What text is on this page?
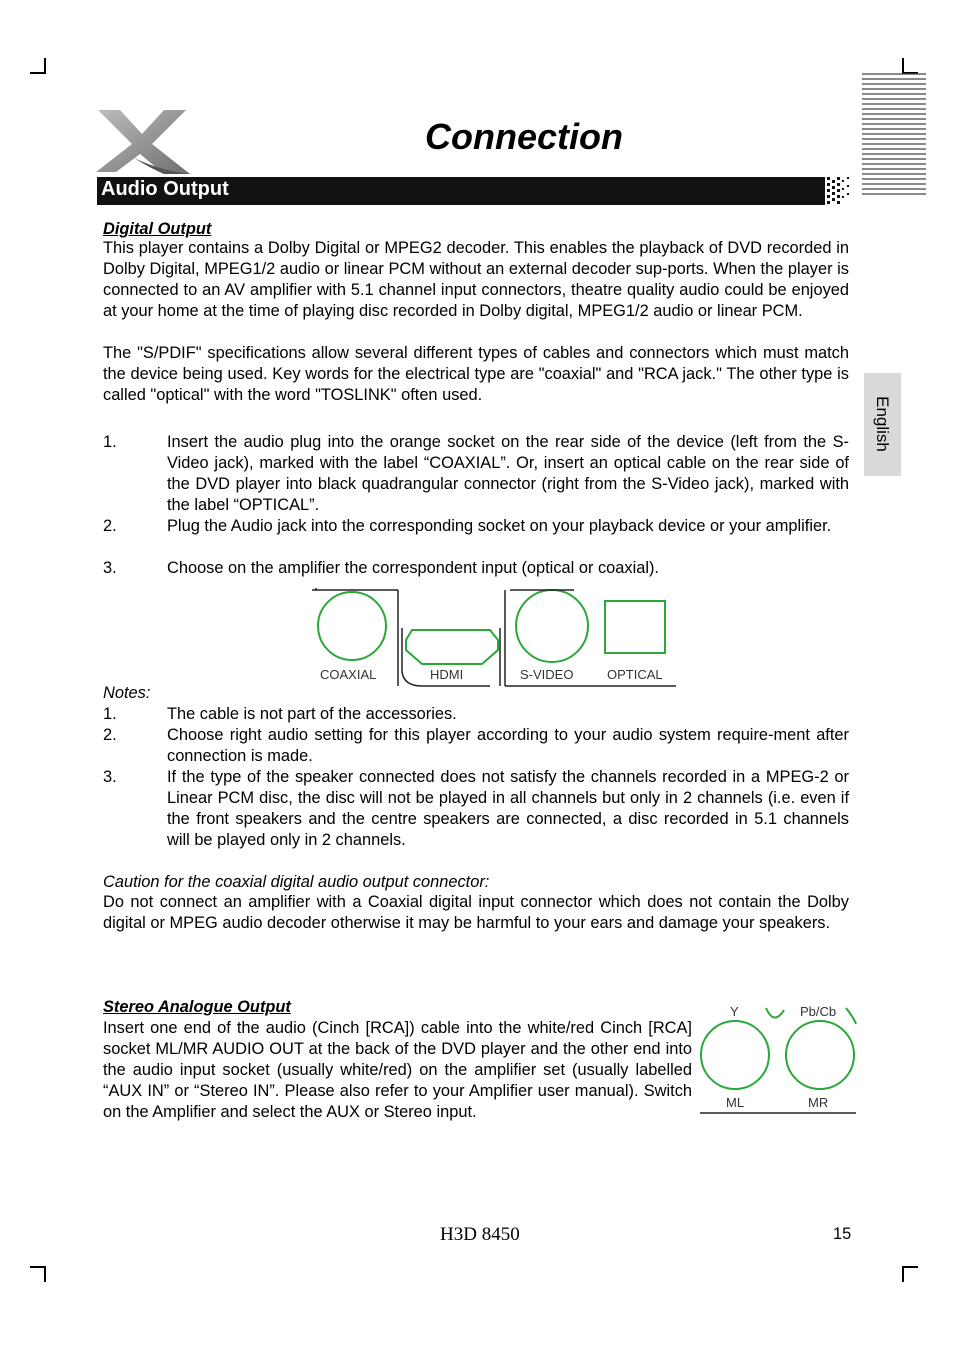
Connection
Audio Output
English
Digital Output
This player contains a Dolby Digital or MPEG2 decoder. This enables the playback of DVD recorded in Dolby Digital, MPEG1/2 audio or linear PCM without an external decoder sup-ports. When the player is connected to an AV amplifier with 5.1 channel input connectors, theatre quality audio could be enjoyed at your home at the time of playing disc recorded in Dolby digital, MPEG1/2 audio or linear PCM.
The "S/PDIF" specifications allow several different types of cables and connectors which must match the device being used. Key words for the electrical type are "coaxial" and "RCA jack." The other type is called "optical" with the word "TOSLINK" often used.
1.	Insert the audio plug into the orange socket on the rear side of the device (left from the S-Video jack), marked with the label “COAXIAL”. Or, insert an optical cable on the rear side of the DVD player into black quadrangular connector (right from the S-Video jack), marked with the label “OPTICAL”.
2.	Plug the Audio jack into the corresponding socket on your playback device or your amplifier.
3.	Choose on the amplifier the correspondent input (optical or coaxial).
COAXIAL	HDMI	S-VIDEO	OPTICAL
Notes:
1.	The cable is not part of the accessories.
2.	Choose right audio setting for this player according to your audio system require-ment after connection is made.
3.	If the type of the speaker connected does not satisfy the channels recorded in a MPEG-2 or Linear PCM disc, the disc will not be played in all channels but only in 2 channels (i.e. even if the front speakers and the centre speakers are connected, a disc recorded in 5.1 channels will be played only in 2 channels.
Caution for the coaxial digital audio output connector:
Do not connect an amplifier with a Coaxial digital input connector which does not contain the Dolby digital or MPEG audio decoder otherwise it may be harmful to your ears and damage your speakers.
Stereo Analogue Output
Insert one end of the audio (Cinch [RCA]) cable into the white/red Cinch [RCA] socket ML/MR AUDIO OUT at the back of the DVD player and the other end into the audio input socket (usually white/red) on the amplifier set (usually labelled “AUX IN” or “Stereo IN”. Please also refer to your Amplifier user manual). Switch on the Amplifier and select the AUX or Stereo input.
Y	Pb/Cb
ML	MR
H3D 8450	15
